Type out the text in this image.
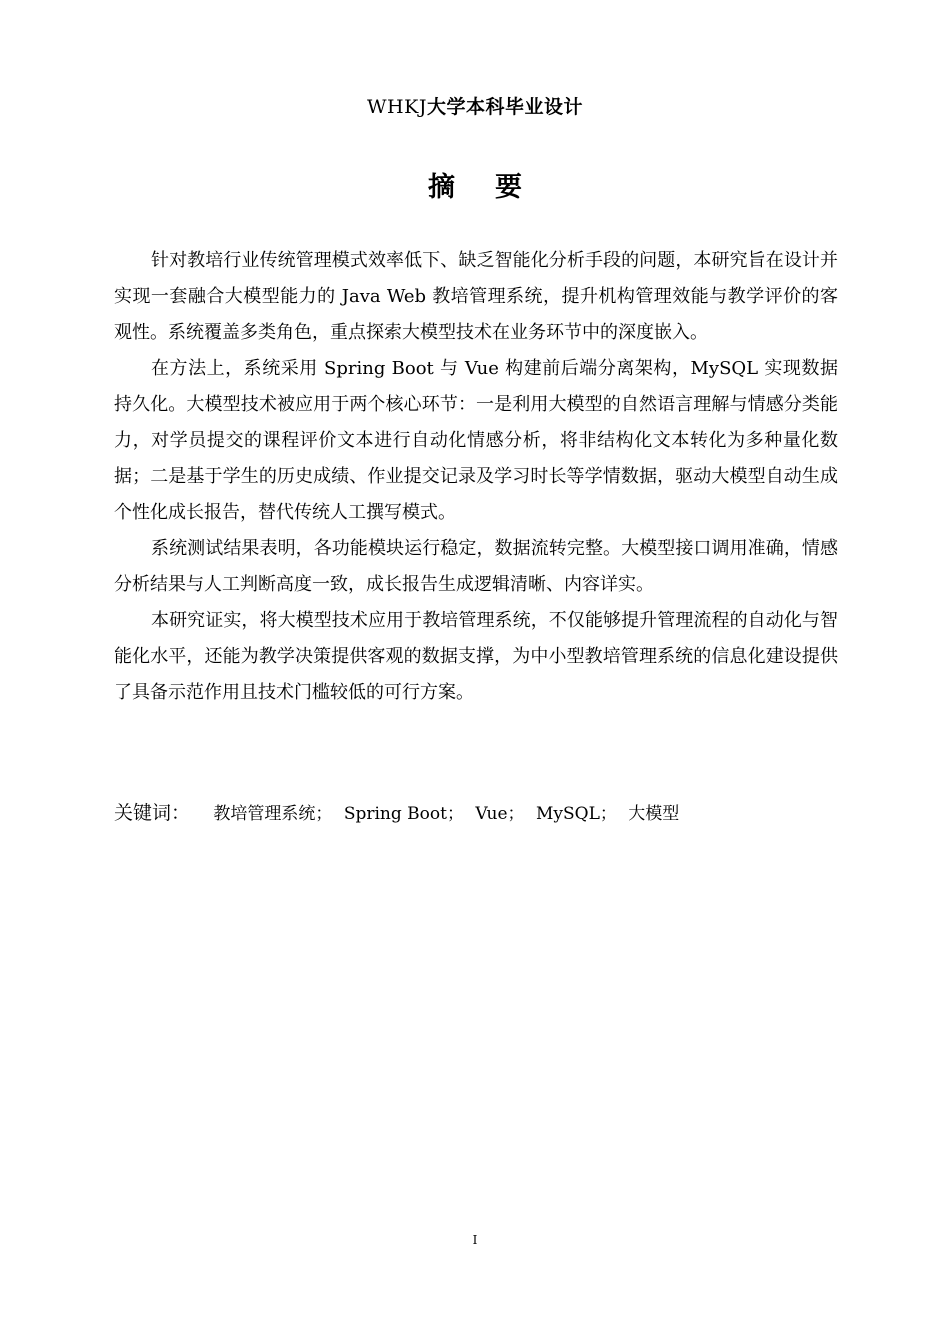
WHKJ大学本科毕业设计
摘要

针对教培行业传统管理模式效率低下、缺乏智能化分析手段的问题，本研究旨在设计并实现一套融合大模型能力的 Java Web 教培管理系统，提升机构管理效能与教学评价的客观性。系统覆盖多类角色，重点探索大模型技术在业务环节中的深度嵌入。

在方法上，系统采用 Spring Boot 与 Vue 构建前后端分离架构，MySQL 实现数据持久化。大模型技术被应用于两个核心环节：一是利用大模型的自然语言理解与情感分类能力，对学员提交的课程评价文本进行自动化情感分析，将非结构化文本转化为多种量化数据；二是基于学生的历史成绩、作业提交记录及学习时长等学情数据，驱动大模型自动生成个性化成长报告，替代传统人工撰写模式。

系统测试结果表明，各功能模块运行稳定，数据流转完整。大模型接口调用准确，情感分析结果与人工判断高度一致，成长报告生成逻辑清晰、内容详实。

本研究证实，将大模型技术应用于教培管理系统，不仅能够提升管理流程的自动化与智能化水平，还能为教学决策提供客观的数据支撑，为中小型教培管理系统的信息化建设提供了具备示范作用且技术门槛较低的可行方案。

关键词： 教培管理系统； Spring Boot； Vue； MySQL； 大模型
I
